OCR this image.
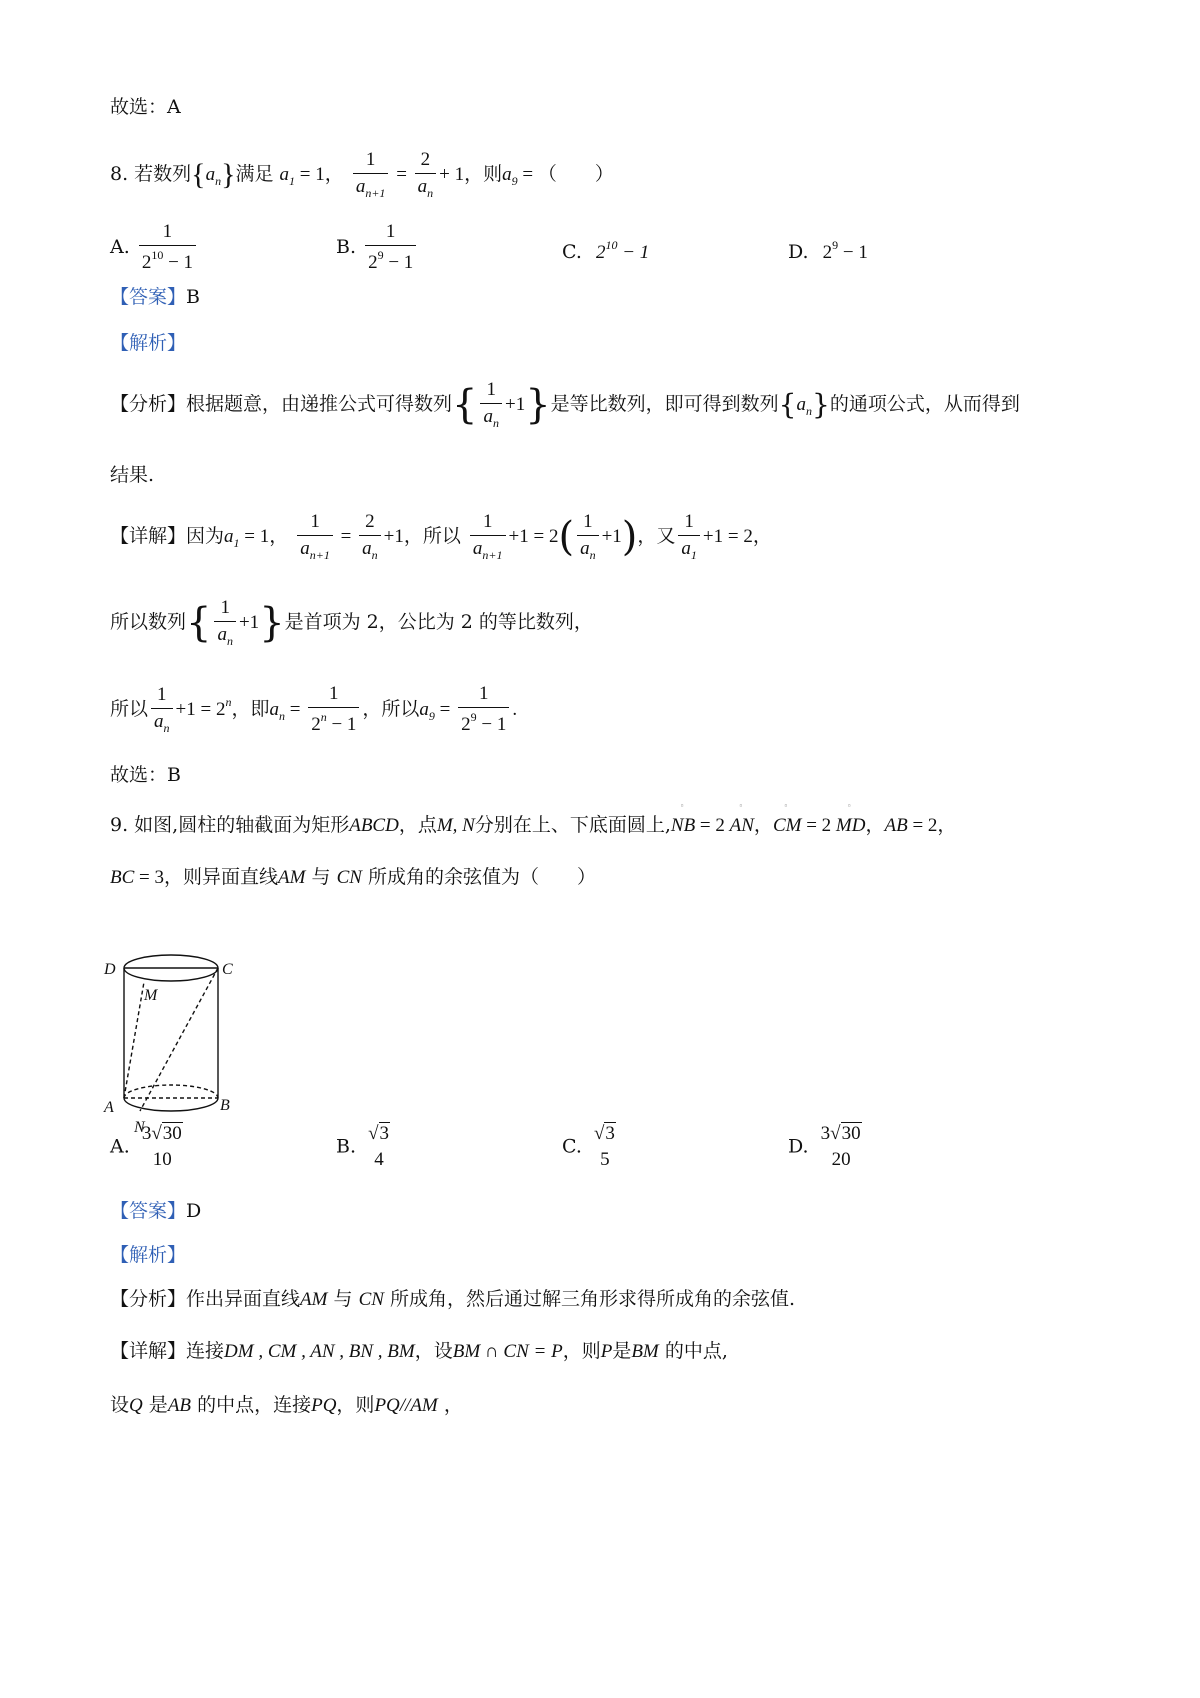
故选：A
8. 若数列$\{a_n\}$满足 $a_1 = 1$， $\frac{1}{a_{n+1}} = \frac{2}{a_n} + 1$，则$a_9$ = （　　）
A. $\frac{1}{2^{10} - 1}$	B. $\frac{1}{2^9 - 1}$	C. $2^{10} - 1$	D. $2^9 - 1$
【答案】B
【解析】
【分析】根据题意，由递推公式可得数列{ $\frac{1}{a_n} +1$}是等比数列，即可得到数列$\{a_n\}$的通项公式，从而得到
结果.
【详解】因为$a_1 = 1$， $\frac{1}{a_{n+1}} = \frac{2}{a_n} +1$，所以 $\frac{1}{a_{n+1}} +1 = 2( \frac{1}{a_n} +1)$，又 $\frac{1}{a_1} +1 = 2$，
所以数列{ $\frac{1}{a_n} +1$}是首项为 2，公比为 2 的等比数列，
所以 $\frac{1}{a_n} +1 = 2^n$，即$a_n = \frac{1}{2^n - 1}$ ，所以$a_9 = \frac{1}{2^9 - 1}$ .
故选：B
9. 如图,圆柱的轴截面为矩形ABCD，点M, N分别在上、下底面圆上,
▫
NB = 2
▫
AN，
▫
CM = 2
▫
MD，AB = 2，
BC = 3，则异面直线AM 与 CN 所成角的余弦值为（　　）
D	C
M
A	B
N
A.
3√30
10
B.
√3
4
C.
√3
5
D.
3√30
20
【答案】D
【解析】
【分析】作出异面直线AM 与 CN 所成角，然后通过解三角形求得所成角的余弦值.
【详解】连接DM , CM , AN , BN , BM，设BM ∩ CN = P，则P是BM 的中点,
设Q 是AB 的中点，连接PQ，则PQ//AM ，
